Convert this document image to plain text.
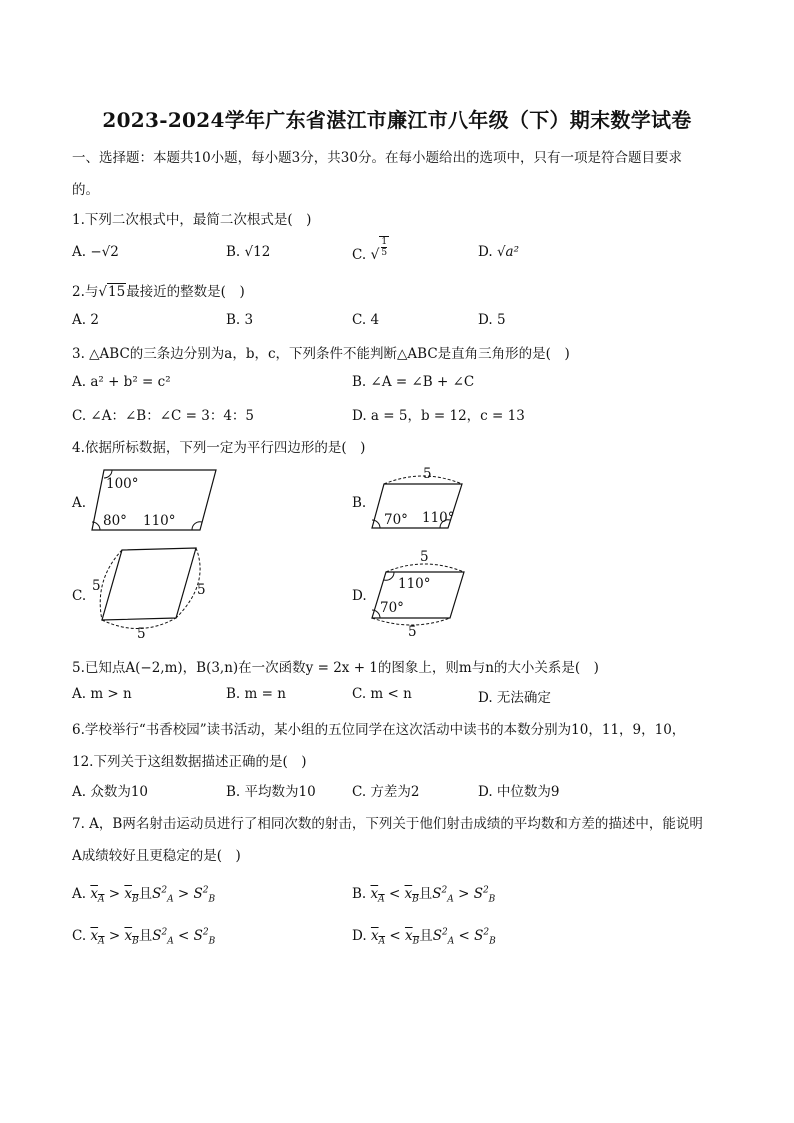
2023-2024学年广东省湛江市廉江市八年级（下）期末数学试卷
一、选择题：本题共10小题，每小题3分，共30分。在每小题给出的选项中，只有一项是符合题目要求
的。
1.下列二次根式中，最简二次根式是(　)
A. −√2	B. √12	C. √ $\frac{1}{5}$	D. √a²
2.与√15最接近的整数是(　)
A. 2	B. 3	C. 4	D. 5
3. △ABC的三条边分别为a，b，c，下列条件不能判断△ABC是直角三角形的是(　)
A. a² + b² = c²	B. ∠A = ∠B + ∠C
C. ∠A：∠B：∠C = 3：4：5	D. a = 5，b = 12，c = 13
4.依据所标数据，下列一定为平行四边形的是(　)
A.
100°
80° 110°
B.
5
70° 110°
C.
5	5
5
D.
5
110°
70°
5
5.已知点A(−2,m)，B(3,n)在一次函数y = 2x + 1的图象上，则m与n的大小关系是(　)
A. m > n	B. m = n	C. m < n	D. 无法确定
6.学校举行“书香校园”读书活动，某小组的五位同学在这次活动中读书的本数分别为10，11，9，10，
12.下列关于这组数据描述正确的是(　)
A. 众数为10	B. 平均数为10	C. 方差为2	D. 中位数为9
7. A，B两名射击运动员进行了相同次数的射击，下列关于他们射击成绩的平均数和方差的描述中，能说明
A成绩较好且更稳定的是(　)
A. $x_A > x_B$且$S^2_A > S^2_B$	B. $x_A < x_B$且$S^2_A > S^2_B$
C. $x_A > x_B$且$S^2_A < S^2_B$	D. $x_A < x_B$且$S^2_A < S^2_B$
